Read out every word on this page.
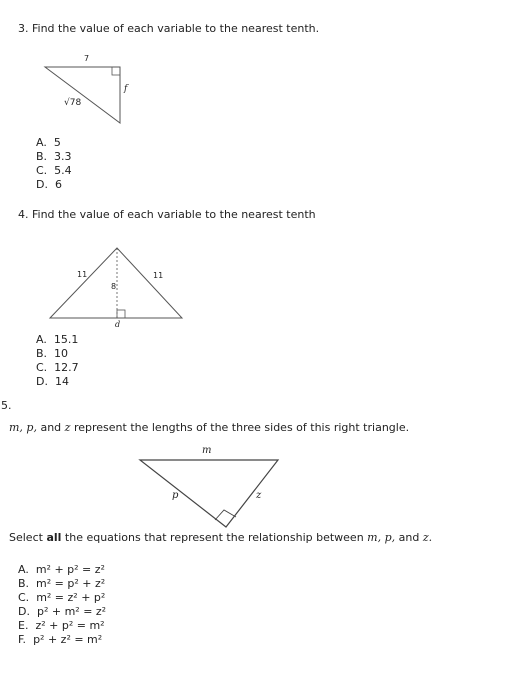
3. Find the value of each variable to the nearest tenth.
7
f
√78
A.  5
B.  3.3
C.  5.4
D.  6
4. Find the value of each variable to the nearest tenth
11	11
8
d
A.  15.1
B.  10
C.  12.7
D.  14
5.
m, p, and z represent the lengths of the three sides of this right triangle.
m
p	z
Select all the equations that represent the relationship between m, p, and z.
A. m² + p² = z²
B. m² = p² + z²
C. m² = z² + p²
D. p² + m² = z²
E. z² + p² = m²
F. p² + z² = m²
